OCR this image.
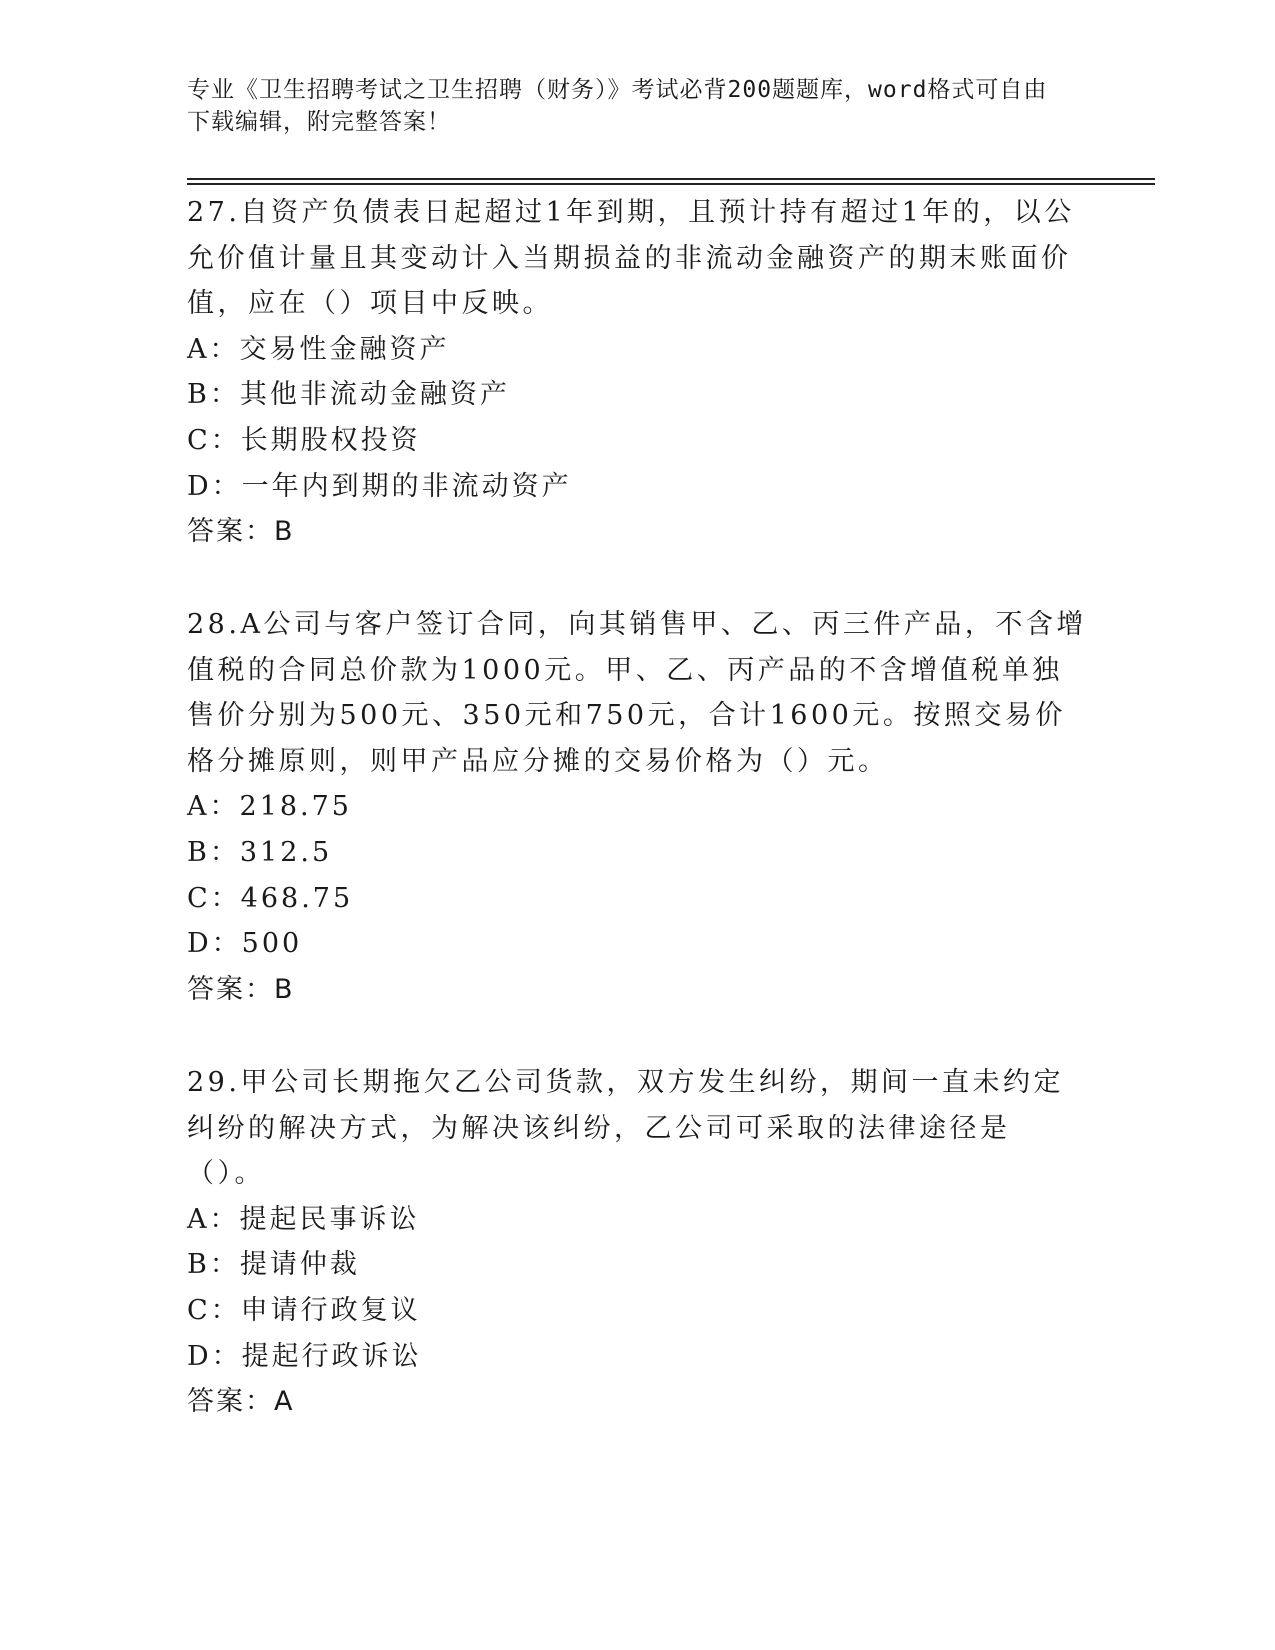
专业《卫生招聘考试之卫生招聘（财务）》考试必背200题题库，word格式可自由下载编辑，附完整答案！

27.自资产负债表日起超过1年到期，且预计持有超过1年的，以公允价值计量且其变动计入当期损益的非流动金融资产的期末账面价值，应在（）项目中反映。

A：交易性金融资产

B：其他非流动金融资产

C：长期股权投资

D：一年内到期的非流动资产

答案：B

28.A公司与客户签订合同，向其销售甲、乙、丙三件产品，不含增值税的合同总价款为1000元。甲、乙、丙产品的不含增值税单独售价分别为500元、350元和750元，合计1600元。按照交易价格分摊原则，则甲产品应分摊的交易价格为（）元。

A：218.75

B：312.5

C：468.75

D：500

答案：B

29.甲公司长期拖欠乙公司货款，双方发生纠纷，期间一直未约定纠纷的解决方式，为解决该纠纷，乙公司可采取的法律途径是（）。

A：提起民事诉讼

B：提请仲裁

C：申请行政复议

D：提起行政诉讼

答案：A
